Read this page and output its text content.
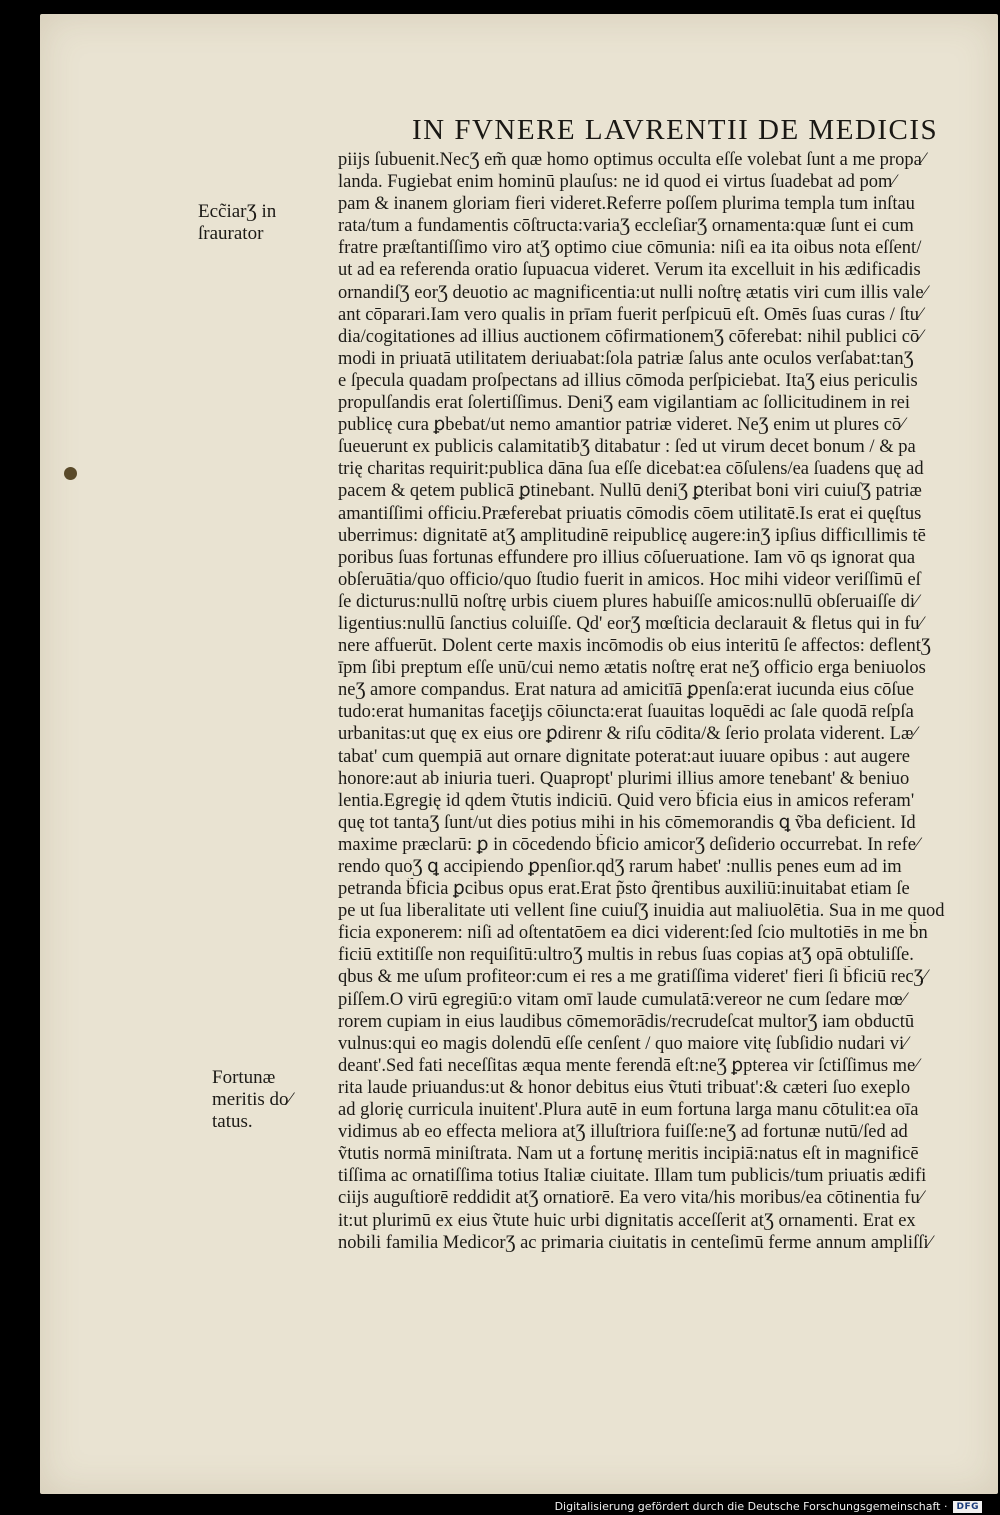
IN FVNERE LAVRENTII DE MEDICIS
Ecc̃iarƷ in
ſraurator
Fortunæ
meritis do⁄
tatus.
piĳs ſubuenit.NecƷ em̃ quæ homo optimus occulta eſſe volebat ſunt a me propa⁄
landa. Fugiebat enim hominū plauſus: ne id quod ei virtus ſuadebat ad pom⁄
pam & inanem gloriam fieri videret.Referre poſſem plurima templa tum inſtau
rata/tum a fundamentis cōſtructa:variaƷ eccleſiarƷ ornamenta:quæ ſunt ei cum
fratre præſtantiſſimo viro atƷ optimo ciue cōmunia: niſi ea ita oibus nota eſſent/
ut ad ea referenda oratio ſupuacua videret. Verum ita excelluit in his ædificadis
ornandiſƷ eorƷ deuotio ac magnificentia:ut nulli noſtrę ætatis viri cum illis vale⁄
ant cōparari.Iam vero qualis in prīam fuerit perſpicuū eſt. Omēs ſuas curas / ſtu⁄
dia/cogitationes ad illius auctionem cōfirmationemƷ cōferebat: nihil publici cō⁄
modi in priuatā utilitatem deriuabat:ſola patriæ ſalus ante oculos verſabat:tanƷ
e ſpecula quadam proſpectans ad illius cōmoda perſpiciebat. ItaƷ eius periculis
propulſandis erat ſolertiſſimus. DeniƷ eam vigilantiam ac ſollicitudinem in rei
publicę cura ꝑbebat/ut nemo amantior patriæ videret. NeƷ enim ut plures cō⁄
ſueuerunt ex publicis calamitatibƷ ditabatur : ſed ut virum decet bonum / & pa
trię charitas requirit:publica dāna ſua eſſe dicebat:ea cōſulens/ea ſuadens quę ad
pacem & qetem publicā ꝑtinebant. Nullū deniƷ ꝑteribat boni viri cuiuſƷ patriæ
amantiſſimi officiu.Præferebat priuatis cōmodis cōem utilitatē.Is erat ei quęſtus
uberrimus: dignitatē atƷ amplitudinē reipublicę augere:inƷ ipſius difficıllimis tē
poribus ſuas fortunas effundere pro illius cōſueruatione. Iam vō qs ignorat qua
obſeruātia/quo officio/quo ſtudio fuerit in amicos. Hoc mihi videor veriſſimū eſ
ſe dicturus:nullū noſtrę urbis ciuem plures habuiſſe amicos:nullū obſeruaiſſe di⁄
ligentius:nullū ſanctius coluiſſe. Qd' eorƷ mœſticia declarauit & fletus qui in fu⁄
nere affuerūt. Dolent certe maxis incōmodis ob eius interitū ſe affectos: deflentƷ
īpm ſibi preptum eſſe unū/cui nemo ætatis noſtrę erat neƷ officio erga beniuolos
neƷ amore compandus. Erat natura ad amicitīā ꝑpenſa:erat iucunda eius cōſue
tudo:erat humanitas faceţĳs cōiuncta:erat ſuauitas loquēdi ac ſale quodā reſpſa
urbanitas:ut quę ex eius ore ꝑdirenr & riſu cōdita/& ſerio prolata viderent. Læ⁄
tabat' cum quempiā aut ornare dignitate poterat:aut iuuare opibus : aut augere
honore:aut ab iniuria tueri. Quapropt' plurimi illius amore tenebant' & beniuo
lentia.Egregię id qdem ṽtutis indiciū. Quid vero b̃ficia eius in amicos referam'
quę tot tantaƷ ſunt/ut dies potius mihi in his cōmemorandis ꝗ ṽba deficient. Id
maxime præclarū: ꝑ in cōcedendo b̃ficio amicorƷ deſiderio occurrebat. In refe⁄
rendo quoƷ ꝗ accipiendo ꝑpenſior.qdƷ rarum habet' :nullis penes eum ad im
petranda b̃ficia ꝑcibus opus erat.Erat p̃sto q̃rentibus auxiliū:inuitabat etiam ſe
pe ut ſua liberalitate uti vellent ſine cuiuſƷ inuidia aut maliuolētia. Sua in me quod
ficia exponerem: niſi ad oſtentatōem ea dici viderent:ſed ſcio multotiēs in me b̃n
ficiū extitiſſe non requiſitū:ultroƷ multis in rebus ſuas copias atƷ opā obtuliſſe.
qbus & me uſum profiteor:cum ei res a me gratiſſima videret' fieri ſi b̃ficiū recƷ⁄
piſſem.O virū egregiū:o vitam omī laude cumulatā:vereor ne cum ſedare mœ⁄
rorem cupiam in eius laudibus cōmemorādis/recrudeſcat multorƷ iam obductū
vulnus:qui eo magis dolendū eſſe cenſent / quo maiore vitę ſubſidio nudari vi⁄
deant'.Sed fati neceſſitas æqua mente ferendā eſt:neƷ ꝑpterea vir ſctiſſimus me⁄
rita laude priuandus:ut & honor debitus eius ṽtuti tribuat':& cæteri ſuo exeplo
ad glorię curricula inuitent'.Plura autē in eum fortuna larga manu cōtulit:ea oīa
vidimus ab eo effecta meliora atƷ illuſtriora fuiſſe:neƷ ad fortunæ nutū/ſed ad
ṽtutis normā miniſtrata. Nam ut a fortunę meritis incipiā:natus eſt in magnificē
tiſſima ac ornatiſſima totius Italiæ ciuitate. Illam tum publicis/tum priuatis ædifi
ciĳs auguſtiorē reddidit atƷ ornatiorē. Ea vero vita/his moribus/ea cōtinentia fu⁄
it:ut plurimū ex eius ṽtute huic urbi dignitatis acceſſerit atƷ ornamenti. Erat ex
nobili familia MedicorƷ ac primaria ciuitatis in centeſimū ferme annum ampliſſi⁄
Digitalisierung gefördert durch die Deutsche Forschungsgemeinschaft ·	DFG
